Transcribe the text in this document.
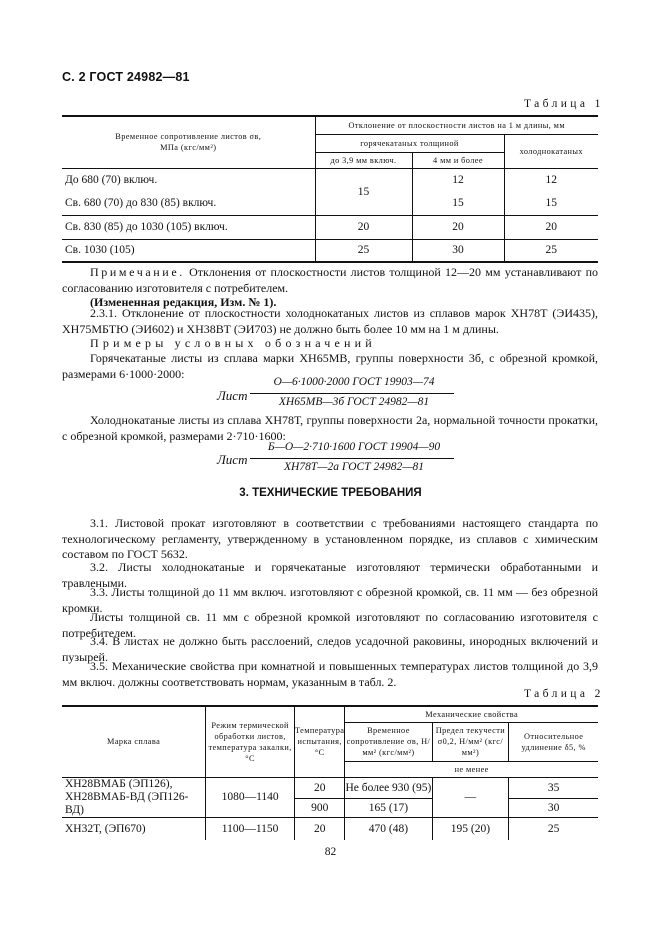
С. 2 ГОСТ 24982—81
Таблица 1
Временное сопротивление листов σв,
МПа (кгс/мм²)	Отклонение от плоскостности листов на 1 м длины, мм		
	горячекатаных толщиной		холоднокатаных
	до 3,9 мм включ.	4 мм и более	
До 680 (70) включ.	15	12	12
Св. 680 (70) до 830 (85) включ.		15	15
Св. 830 (85) до 1030 (105) включ.	20	20	20
Св. 1030 (105)	25	30	25
Примечание. Отклонения от плоскостности листов толщиной 12—20 мм устанавливают по согласованию изготовителя с потребителем.
(Измененная редакция, Изм. № 1).
2.3.1. Отклонение от плоскостности холоднокатаных листов из сплавов марок ХН78Т (ЭИ435), ХН75МБТЮ (ЭИ602) и ХН38ВТ (ЭИ703) не должно быть более 10 мм на 1 м длины.
Примеры условных обозначений
Горячекатаные листы из сплава марки ХН65МВ, группы поверхности 3б, с обрезной кромкой, размерами 6·1000·2000:
Лист
О—6·1000·2000 ГОСТ 19903—74
ХН65МВ—3б ГОСТ 24982—81
Холоднокатаные листы из сплава ХН78Т, группы поверхности 2а, нормальной точности прокатки, с обрезной кромкой, размерами 2·710·1600:
Лист
Б—О—2·710·1600 ГОСТ 19904—90
ХН78Т—2а ГОСТ 24982—81
3. ТЕХНИЧЕСКИЕ ТРЕБОВАНИЯ
3.1. Листовой прокат изготовляют в соответствии с требованиями настоящего стандарта по технологическому регламенту, утвержденному в установленном порядке, из сплавов с химическим составом по ГОСТ 5632.
3.2. Листы холоднокатаные и горячекатаные изготовляют термически обработанными и травлеными.
3.3. Листы толщиной до 11 мм включ. изготовляют с обрезной кромкой, св. 11 мм — без обрезной кромки.
Листы толщиной св. 11 мм с обрезной кромкой изготовляют по согласованию изготовителя с потребителем.
3.4. В листах не должно быть расслоений, следов усадочной раковины, инородных включений и пузырей.
3.5. Механические свойства при комнатной и повышенных температурах листов толщиной до 3,9 мм включ. должны соответствовать нормам, указанным в табл. 2.
Таблица 2
Марка сплава	Режим термической обработки листов, температура закалки, °С	Температура испытания, °С	Механические свойства		
			Временное сопротивление σв, Н/мм² (кгс/мм²)	Предел текучести σ0,2, Н/мм² (кгс/мм²)	Относительное удлинение δ5, %
			не менее		

ХН28ВМАБ (ЭП126),
ХН28ВМАБ-ВД (ЭП126-ВД)	1080—1140	20	Не более 930 (95)	—	35
		900	165 (17)		30
ХН32Т, (ЭП670)	1100—1150	20	470 (48)	195 (20)	25
82
